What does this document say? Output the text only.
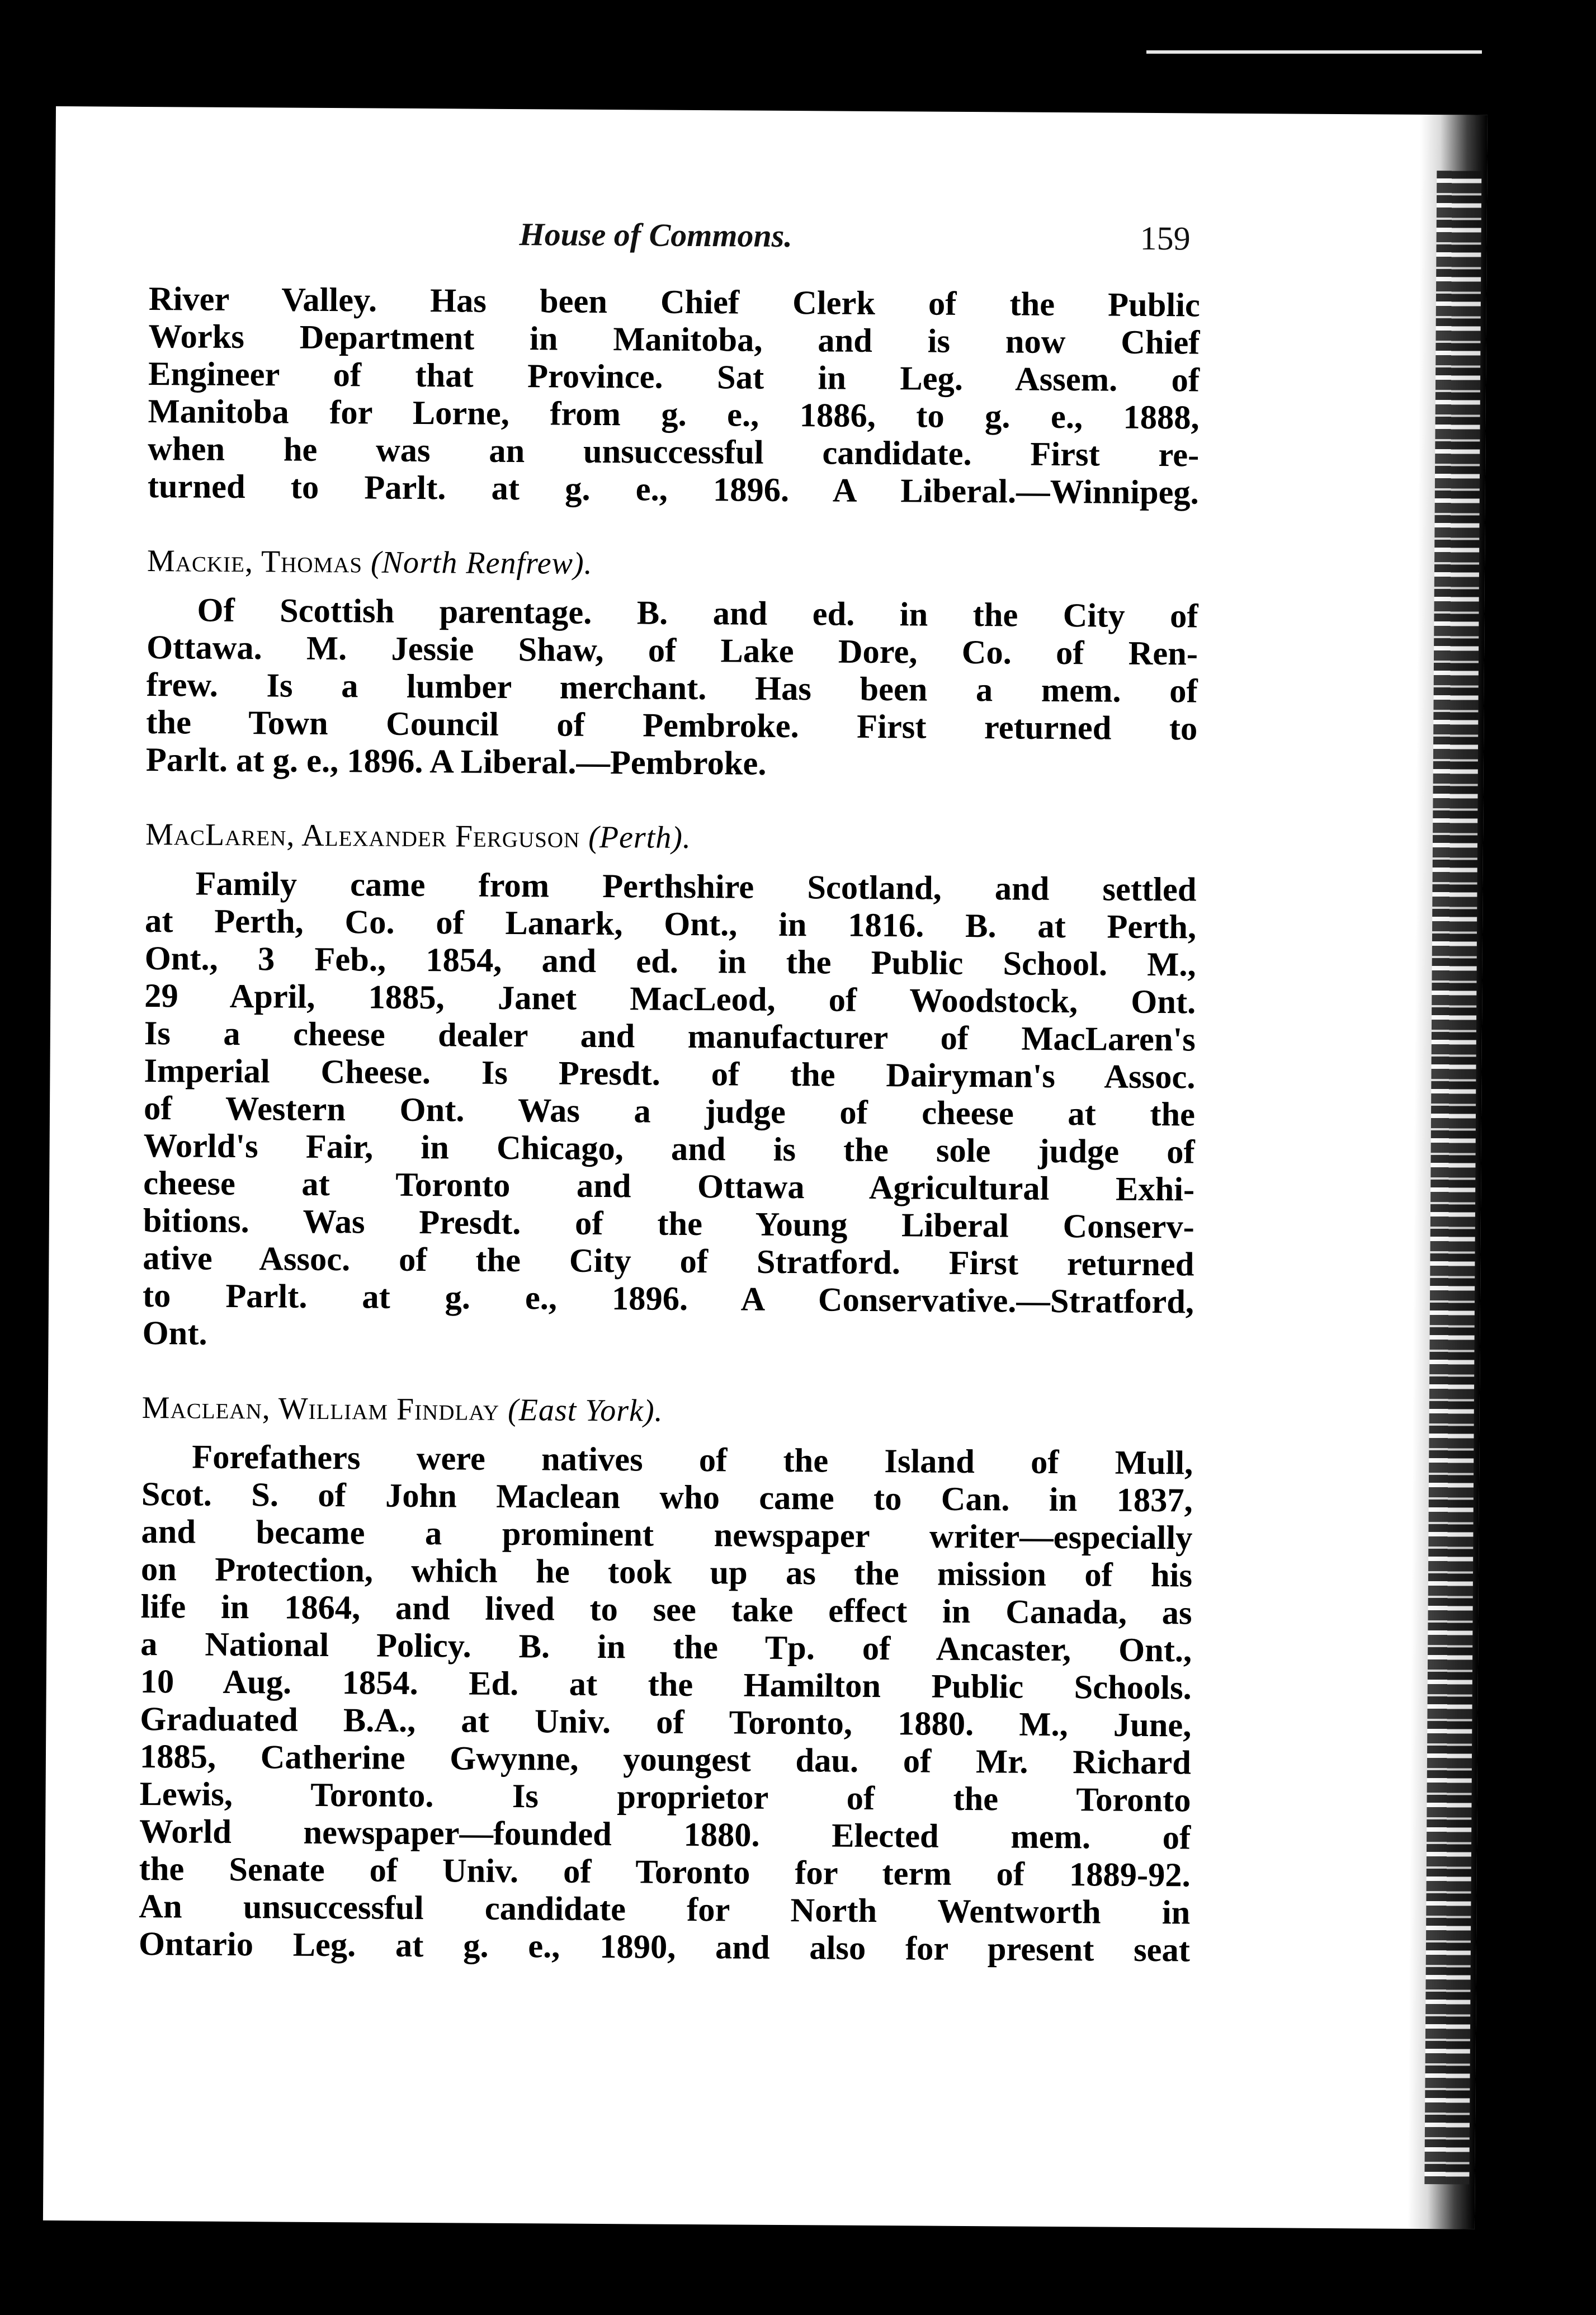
House of Commons.	159
River Valley. Has been Chief Clerk of the Public
Works Department in Manitoba, and is now Chief
Engineer of that Province. Sat in Leg. Assem. of
Manitoba for Lorne, from g. e., 1886, to g. e., 1888,
when he was an unsuccessful candidate. First re-
turned to Parlt. at g. e., 1896. A Liberal.—Winnipeg.
Mackie, Thomas (North Renfrew).
Of Scottish parentage. B. and ed. in the City of
Ottawa. M. Jessie Shaw, of Lake Dore, Co. of Ren-
frew. Is a lumber merchant. Has been a mem. of
the Town Council of Pembroke. First returned to
Parlt. at g. e., 1896. A Liberal.—Pembroke.
MacLaren, Alexander Ferguson (Perth).
Family came from Perthshire Scotland, and settled
at Perth, Co. of Lanark, Ont., in 1816. B. at Perth,
Ont., 3 Feb., 1854, and ed. in the Public School. M.,
29 April, 1885, Janet MacLeod, of Woodstock, Ont.
Is a cheese dealer and manufacturer of MacLaren's
Imperial Cheese. Is Presdt. of the Dairyman's Assoc.
of Western Ont. Was a judge of cheese at the
World's Fair, in Chicago, and is the sole judge of
cheese at Toronto and Ottawa Agricultural Exhi-
bitions. Was Presdt. of the Young Liberal Conserv-
ative Assoc. of the City of Stratford. First returned
to Parlt. at g. e., 1896. A Conservative.—Stratford,
Ont.
Maclean, William Findlay (East York).
Forefathers were natives of the Island of Mull,
Scot. S. of John Maclean who came to Can. in 1837,
and became a prominent newspaper writer—especially
on Protection, which he took up as the mission of his
life in 1864, and lived to see take effect in Canada, as
a National Policy. B. in the Tp. of Ancaster, Ont.,
10 Aug. 1854. Ed. at the Hamilton Public Schools.
Graduated B.A., at Univ. of Toronto, 1880. M., June,
1885, Catherine Gwynne, youngest dau. of Mr. Richard
Lewis, Toronto. Is proprietor of the Toronto
World newspaper—founded 1880. Elected mem. of
the Senate of Univ. of Toronto for term of 1889-92.
An unsuccessful candidate for North Wentworth in
Ontario Leg. at g. e., 1890, and also for present seat
